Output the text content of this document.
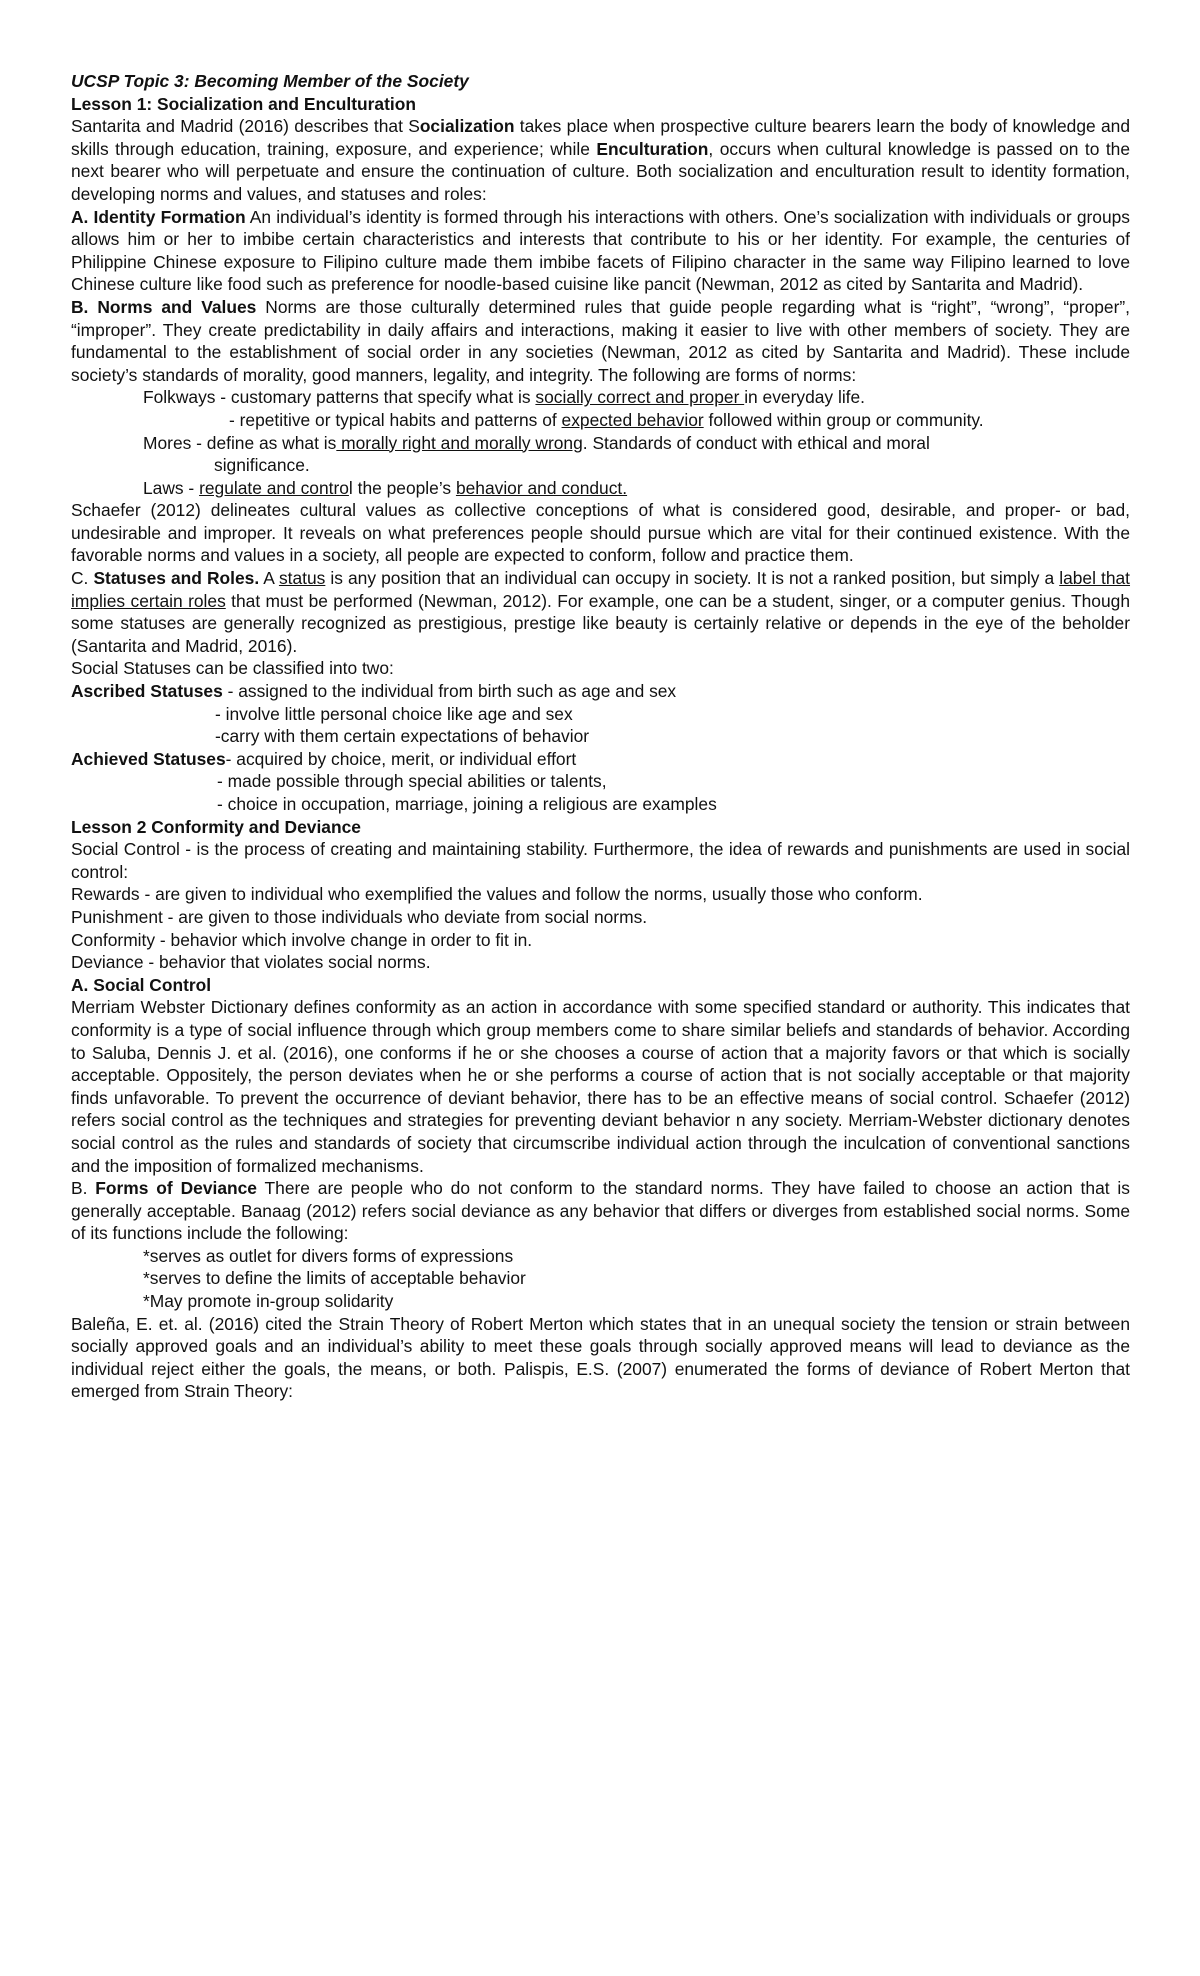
UCSP Topic 3: Becoming Member of the Society

Lesson 1: Socialization and Enculturation

Santarita and Madrid (2016) describes that Socialization takes place when prospective culture bearers learn the body of knowledge and skills through education, training, exposure, and experience; while Enculturation, occurs when cultural knowledge is passed on to the next bearer who will perpetuate and ensure the continuation of culture. Both socialization and enculturation result to identity formation, developing norms and values, and statuses and roles:

A. Identity Formation An individual’s identity is formed through his interactions with others. One’s socialization with individuals or groups allows him or her to imbibe certain characteristics and interests that contribute to his or her identity. For example, the centuries of Philippine Chinese exposure to Filipino culture made them imbibe facets of Filipino character in the same way Filipino learned to love Chinese culture like food such as preference for noodle-based cuisine like pancit (Newman, 2012 as cited by Santarita and Madrid).

B. Norms and Values Norms are those culturally determined rules that guide people regarding what is “right”, “wrong”, “proper”, “improper”. They create predictability in daily affairs and interactions, making it easier to live with other members of society. They are fundamental to the establishment of social order in any societies (Newman, 2012 as cited by Santarita and Madrid). These include society’s standards of morality, good manners, legality, and integrity. The following are forms of norms:

Folkways - customary patterns that specify what is socially correct and proper in everyday life.

- repetitive or typical habits and patterns of expected behavior followed within group or community.

Mores - define as what is morally right and morally wrong. Standards of conduct with ethical and moral

significance.

Laws - regulate and control the people’s behavior and conduct.

Schaefer (2012) delineates cultural values as collective conceptions of what is considered good, desirable, and proper- or bad, undesirable and improper. It reveals on what preferences people should pursue which are vital for their continued existence. With the favorable norms and values in a society, all people are expected to conform, follow and practice them.

C. Statuses and Roles. A status is any position that an individual can occupy in society. It is not a ranked position, but simply a label that implies certain roles that must be performed (Newman, 2012). For example, one can be a student, singer, or a computer genius. Though some statuses are generally recognized as prestigious, prestige like beauty is certainly relative or depends in the eye of the beholder (Santarita and Madrid, 2016).

Social Statuses can be classified into two:

Ascribed Statuses - assigned to the individual from birth such as age and sex

- involve little personal choice like age and sex

-carry with them certain expectations of behavior

Achieved Statuses- acquired by choice, merit, or individual effort

- made possible through special abilities or talents,

- choice in occupation, marriage, joining a religious are examples

Lesson 2 Conformity and Deviance

Social Control - is the process of creating and maintaining stability. Furthermore, the idea of rewards and punishments are used in social control:

Rewards - are given to individual who exemplified the values and follow the norms, usually those who conform.

Punishment - are given to those individuals who deviate from social norms.

Conformity - behavior which involve change in order to fit in.

Deviance - behavior that violates social norms.

A. Social Control

Merriam Webster Dictionary defines conformity as an action in accordance with some specified standard or authority. This indicates that conformity is a type of social influence through which group members come to share similar beliefs and standards of behavior. According to Saluba, Dennis J. et al. (2016), one conforms if he or she chooses a course of action that a majority favors or that which is socially acceptable. Oppositely, the person deviates when he or she performs a course of action that is not socially acceptable or that majority finds unfavorable. To prevent the occurrence of deviant behavior, there has to be an effective means of social control. Schaefer (2012) refers social control as the techniques and strategies for preventing deviant behavior n any society. Merriam-Webster dictionary denotes social control as the rules and standards of society that circumscribe individual action through the inculcation of conventional sanctions and the imposition of formalized mechanisms.

B. Forms of Deviance There are people who do not conform to the standard norms. They have failed to choose an action that is generally acceptable. Banaag (2012) refers social deviance as any behavior that differs or diverges from established social norms. Some of its functions include the following:

*serves as outlet for divers forms of expressions

*serves to define the limits of acceptable behavior

*May promote in-group solidarity

Baleña, E. et. al. (2016) cited the Strain Theory of Robert Merton which states that in an unequal society the tension or strain between socially approved goals and an individual’s ability to meet these goals through socially approved means will lead to deviance as the individual reject either the goals, the means, or both. Palispis, E.S. (2007) enumerated the forms of deviance of Robert Merton that emerged from Strain Theory:
